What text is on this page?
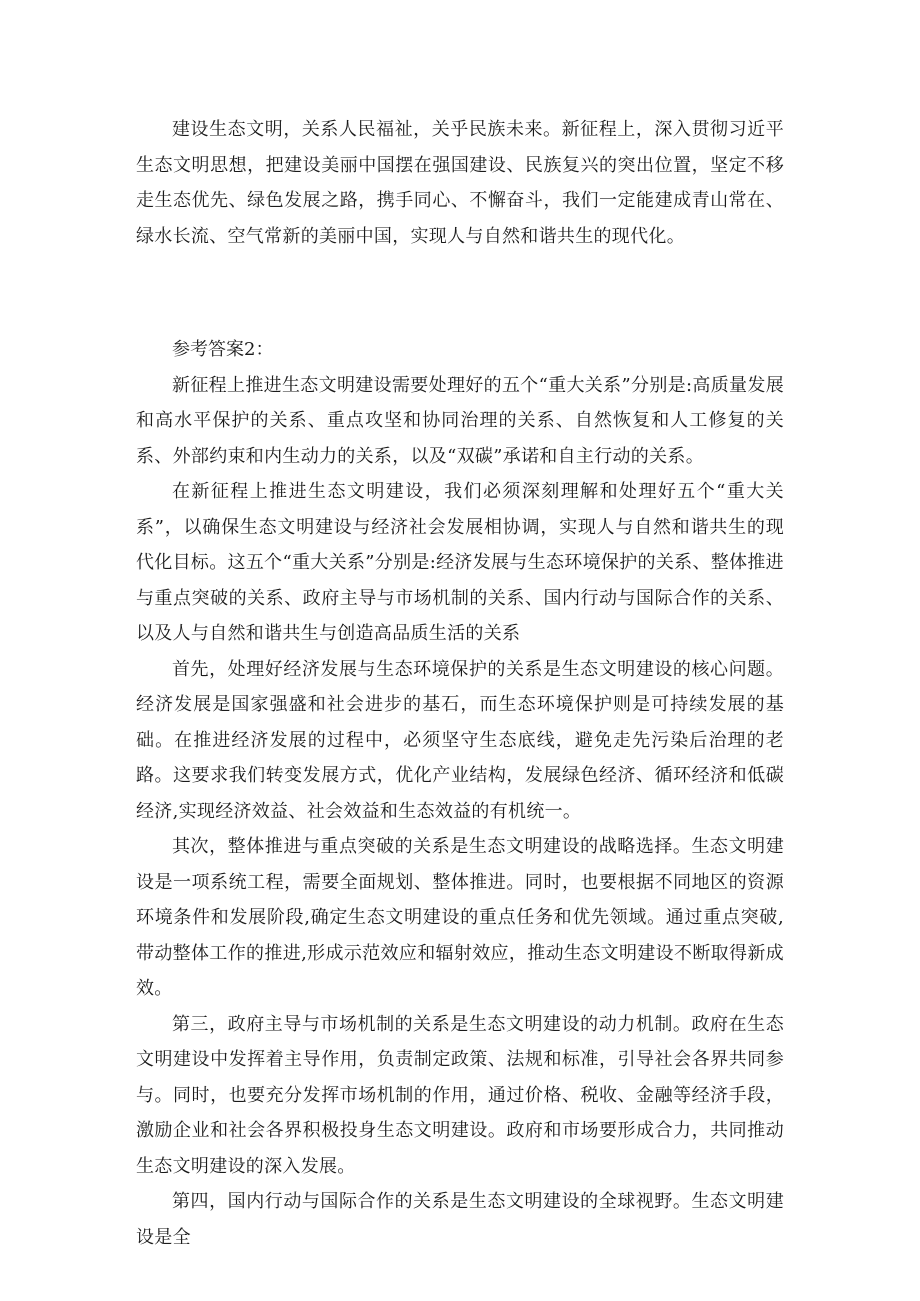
建设生态文明，关系人民福祉，关乎民族未来。新征程上，深入贯彻习近平生态文明思想，把建设美丽中国摆在强国建设、民族复兴的突出位置，坚定不移走生态优先、绿色发展之路，携手同心、不懈奋斗，我们一定能建成青山常在、绿水长流、空气常新的美丽中国，实现人与自然和谐共生的现代化。

参考答案2：

新征程上推进生态文明建设需要处理好的五个“重大关系”分别是:高质量发展和高水平保护的关系、重点攻坚和协同治理的关系、自然恢复和人工修复的关系、外部约束和内生动力的关系，以及“双碳”承诺和自主行动的关系。

在新征程上推进生态文明建设，我们必须深刻理解和处理好五个“重大关系”，以确保生态文明建设与经济社会发展相协调，实现人与自然和谐共生的现代化目标。这五个“重大关系”分别是:经济发展与生态环境保护的关系、整体推进与重点突破的关系、政府主导与市场机制的关系、国内行动与国际合作的关系、以及人与自然和谐共生与创造高品质生活的关系

首先，处理好经济发展与生态环境保护的关系是生态文明建设的核心问题。经济发展是国家强盛和社会进步的基石，而生态环境保护则是可持续发展的基础。在推进经济发展的过程中，必须坚守生态底线，避免走先污染后治理的老路。这要求我们转变发展方式，优化产业结构，发展绿色经济、循环经济和低碳经济,实现经济效益、社会效益和生态效益的有机统一。

其次，整体推进与重点突破的关系是生态文明建设的战略选择。生态文明建设是一项系统工程，需要全面规划、整体推进。同时，也要根据不同地区的资源环境条件和发展阶段,确定生态文明建设的重点任务和优先领域。通过重点突破,带动整体工作的推进,形成示范效应和辐射效应，推动生态文明建设不断取得新成效。

第三，政府主导与市场机制的关系是生态文明建设的动力机制。政府在生态文明建设中发挥着主导作用，负责制定政策、法规和标准，引导社会各界共同参与。同时，也要充分发挥市场机制的作用，通过价格、税收、金融等经济手段，激励企业和社会各界积极投身生态文明建设。政府和市场要形成合力，共同推动生态文明建设的深入发展。

第四，国内行动与国际合作的关系是生态文明建设的全球视野。生态文明建设是全
